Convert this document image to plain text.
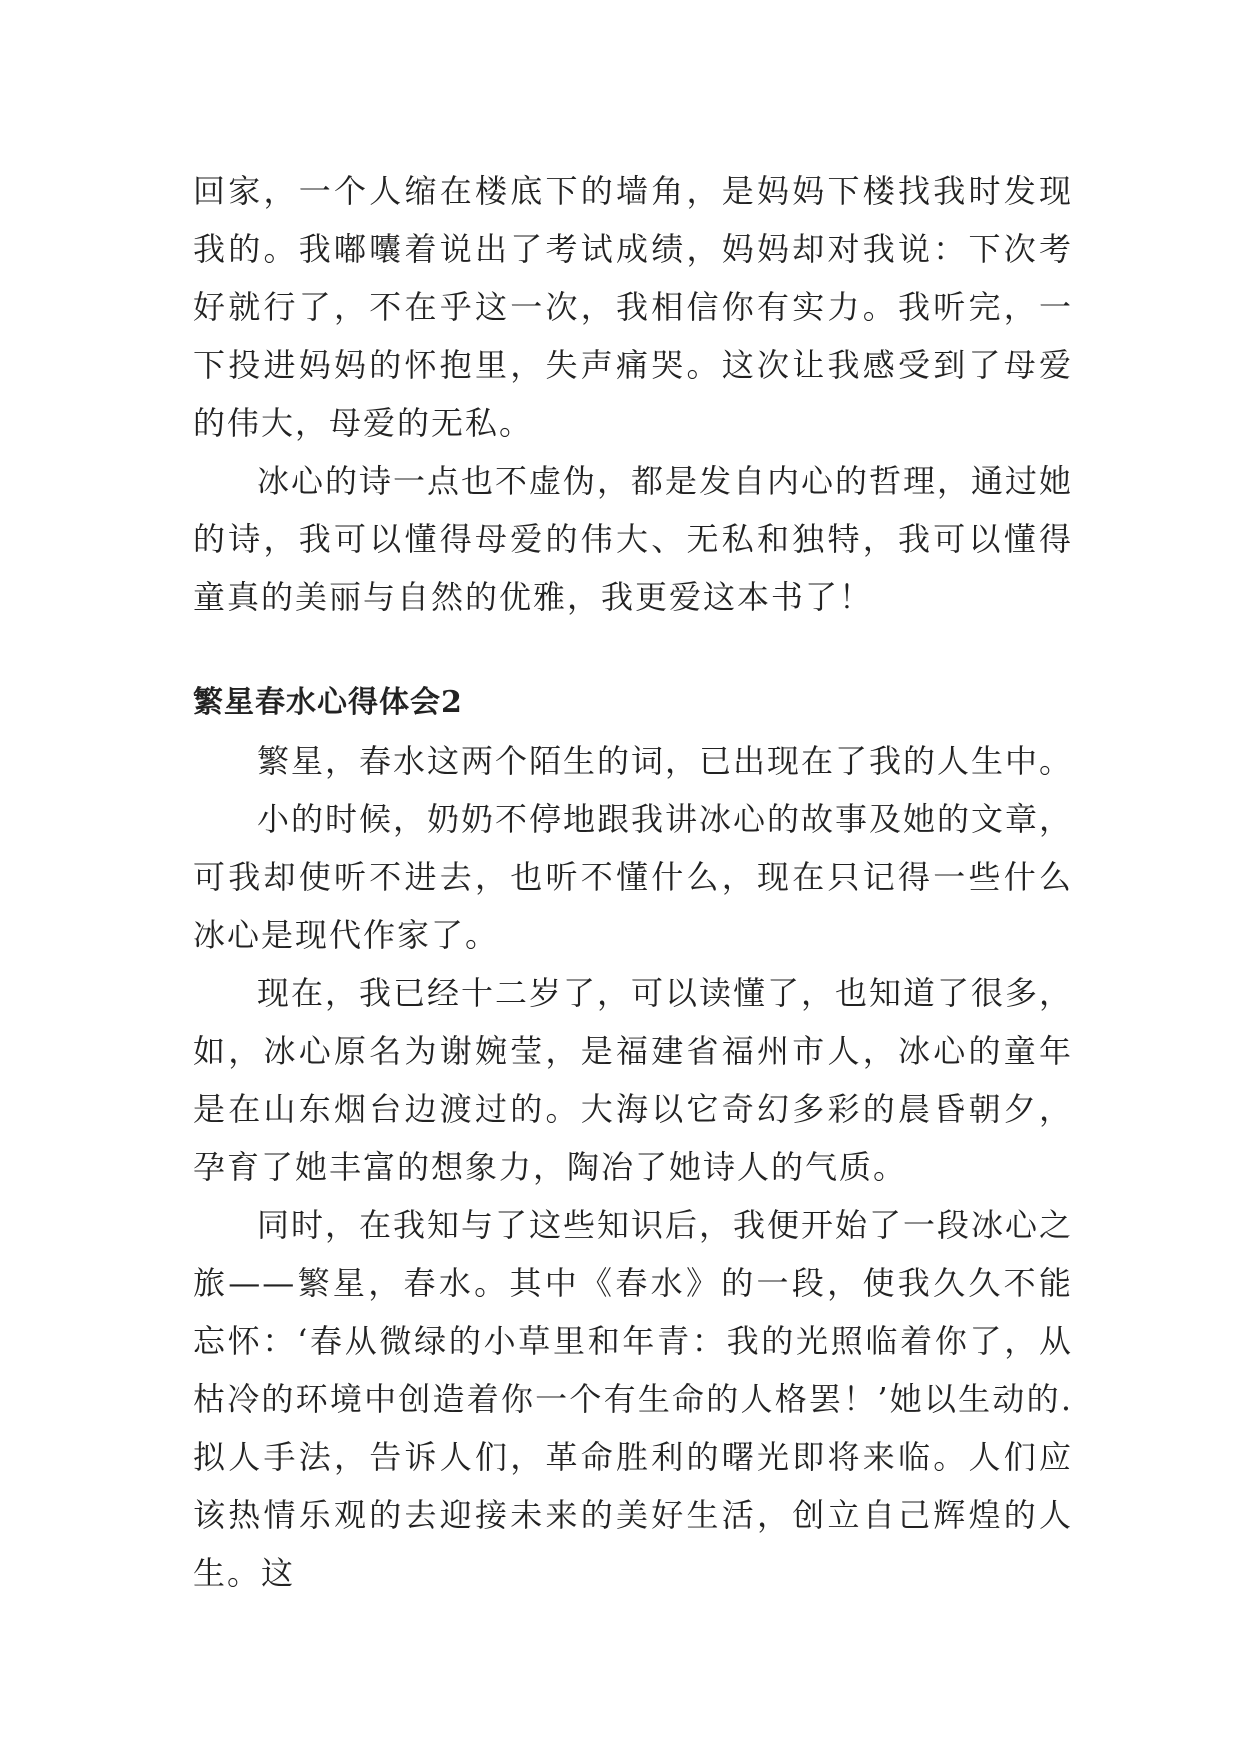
回家，一个人缩在楼底下的墙角，是妈妈下楼找我时发现我的。我嘟囔着说出了考试成绩，妈妈却对我说：下次考好就行了，不在乎这一次，我相信你有实力。我听完，一下投进妈妈的怀抱里，失声痛哭。这次让我感受到了母爱的伟大，母爱的无私。

冰心的诗一点也不虚伪，都是发自内心的哲理，通过她的诗，我可以懂得母爱的伟大、无私和独特，我可以懂得童真的美丽与自然的优雅，我更爱这本书了！

繁星春水心得体会2

繁星，春水这两个陌生的词，已出现在了我的人生中。

小的时候，奶奶不停地跟我讲冰心的故事及她的文章，可我却使听不进去，也听不懂什么，现在只记得一些什么冰心是现代作家了。

现在，我已经十二岁了，可以读懂了，也知道了很多，如，冰心原名为谢婉莹，是福建省福州市人，冰心的童年是在山东烟台边渡过的。大海以它奇幻多彩的晨昏朝夕，孕育了她丰富的想象力，陶冶了她诗人的气质。

同时，在我知与了这些知识后，我便开始了一段冰心之旅——繁星，春水。其中《春水》的一段，使我久久不能忘怀：‘春从微绿的小草里和年青：我的光照临着你了，从枯冷的环境中创造着你一个有生命的人格罢！’她以生动的.拟人手法，告诉人们，革命胜利的曙光即将来临。人们应该热情乐观的去迎接未来的美好生活，创立自己辉煌的人生。这
